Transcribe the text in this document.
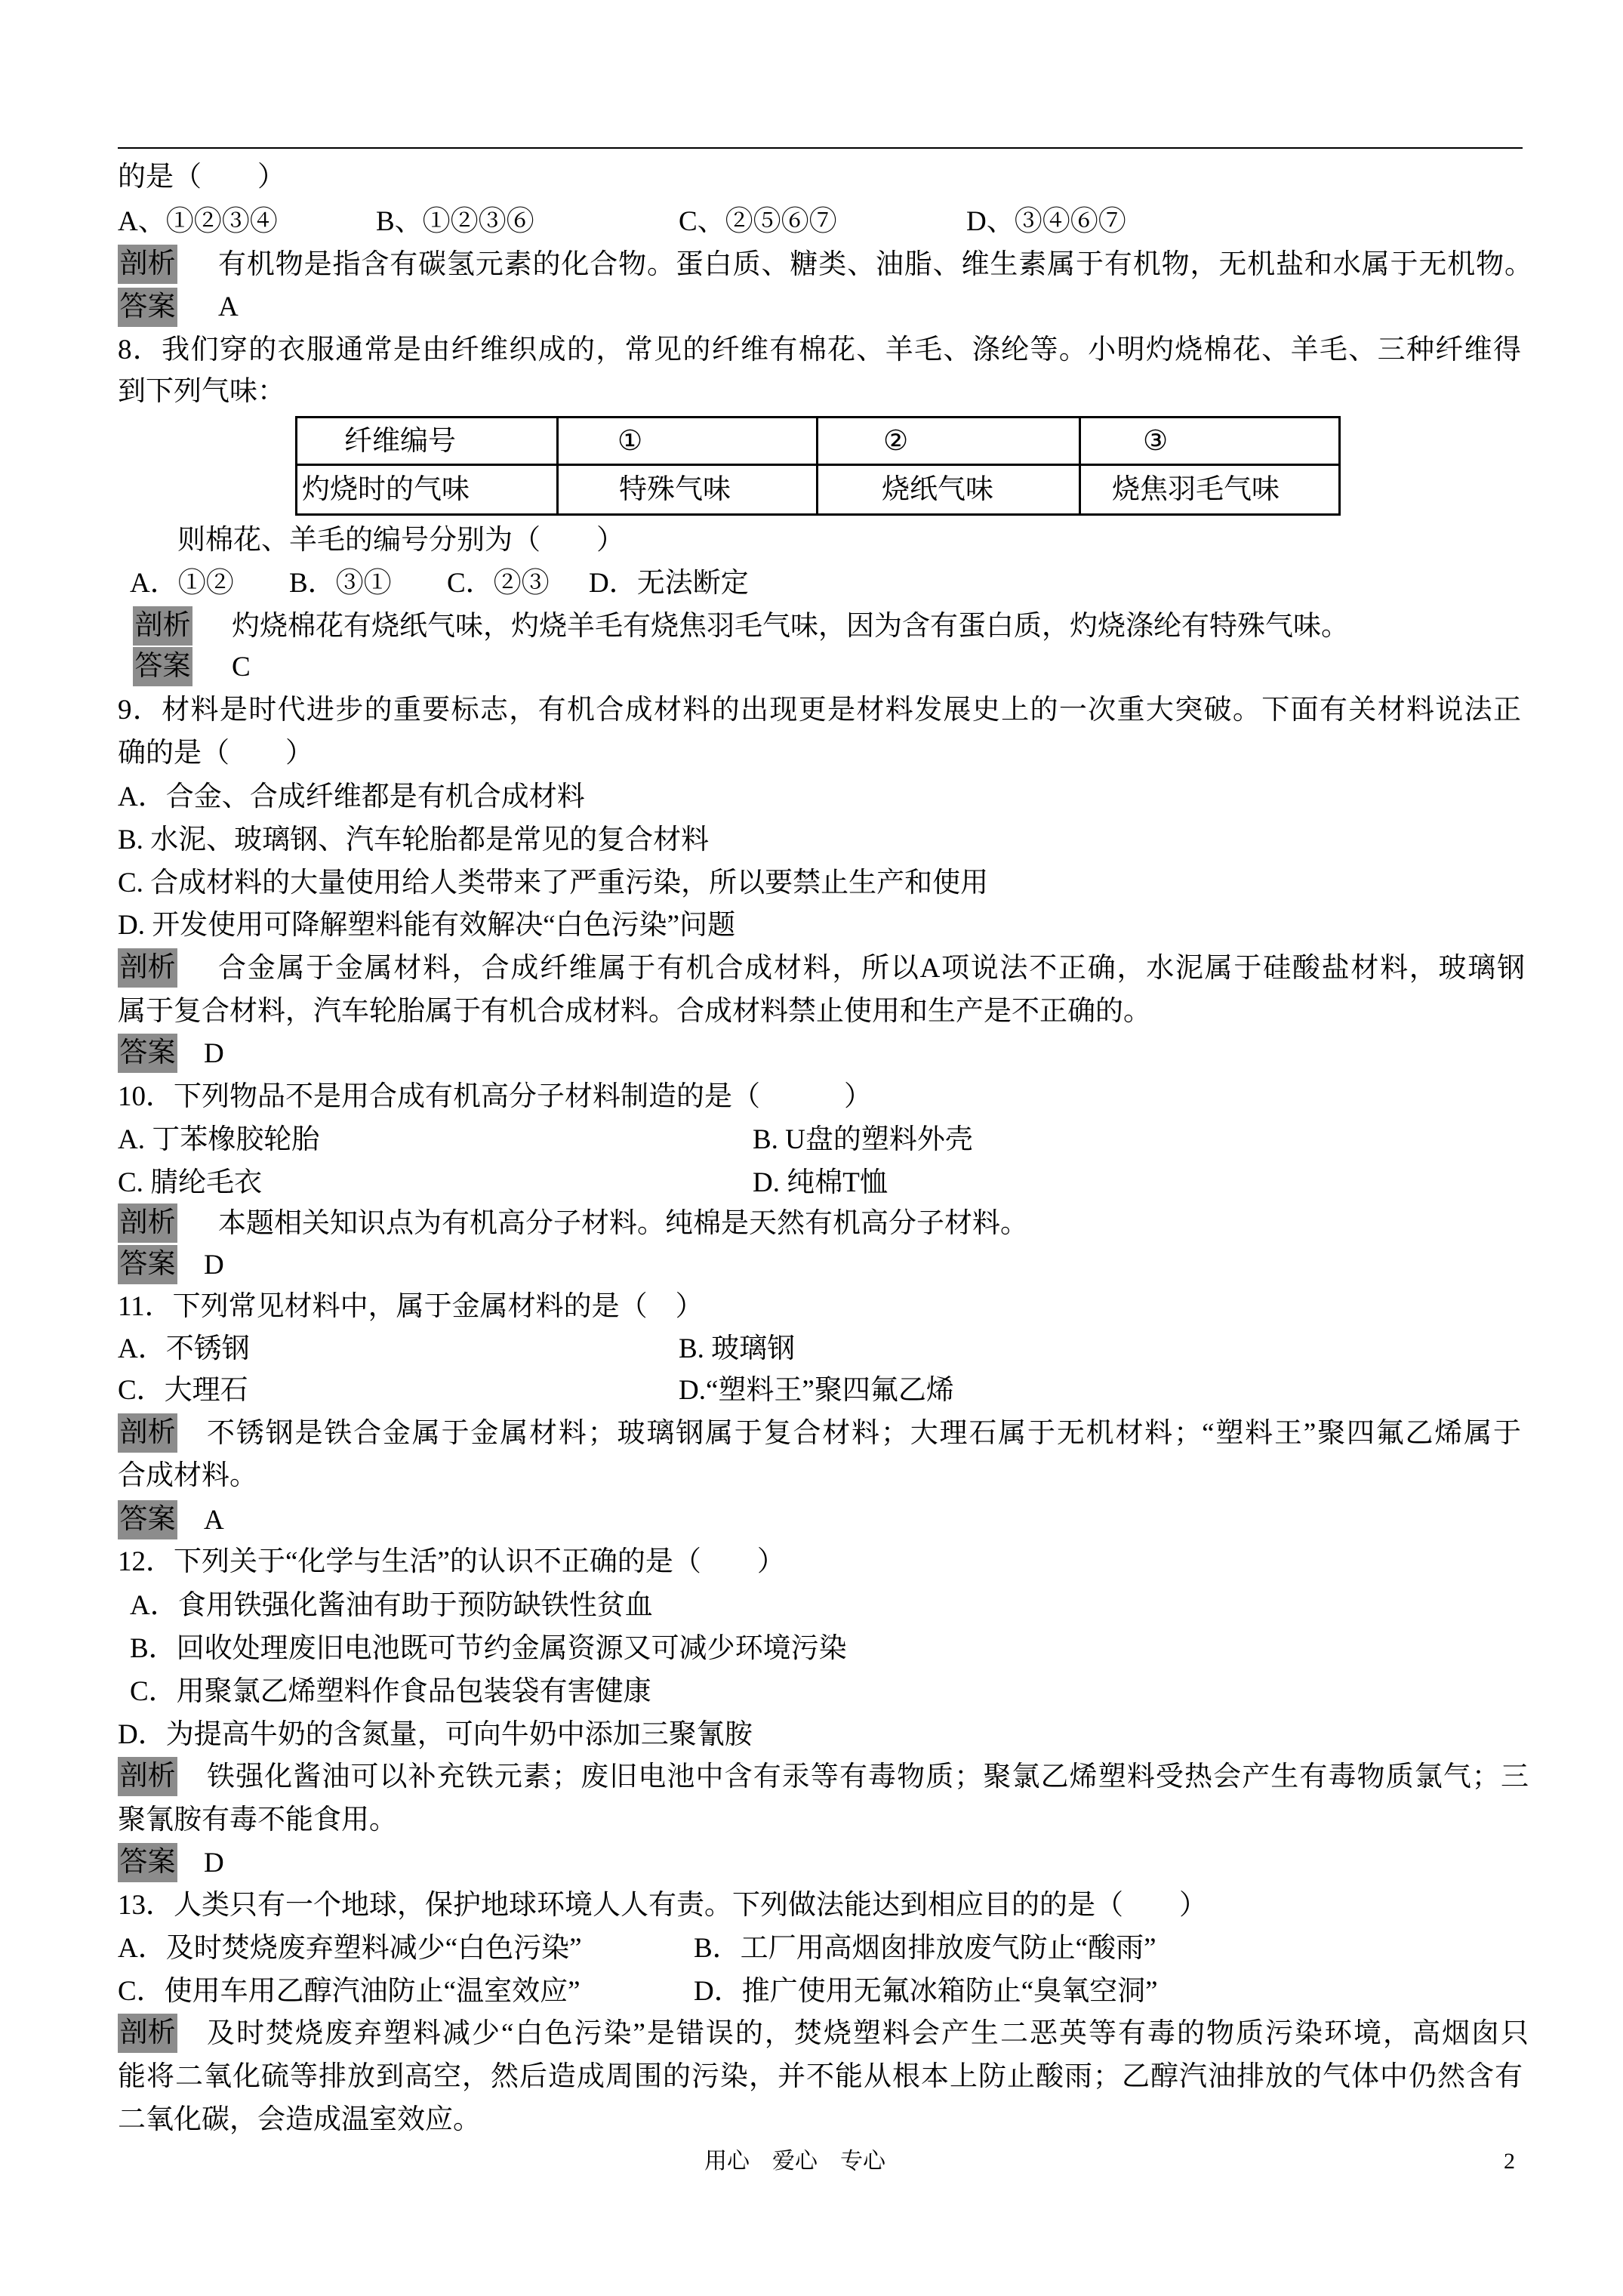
的是（　　）
A、①②③④	B、①②③⑥	C、②⑤⑥⑦	D、③④⑥⑦
剖析 有机物是指含有碳氢元素的化合物。蛋白质、糖类、油脂、维生素属于有机物，无机盐和水属于无机物。
答案 A
8．我们穿的衣服通常是由纤维织成的，常见的纤维有棉花、羊毛、涤纶等。小明灼烧棉花、羊毛、三种纤维得
到下列气味：
纤维编号	①	②	③
灼烧时的气味	特殊气味	烧纸气味	烧焦羽毛气味
则棉花、羊毛的编号分别为（　　）
A．①② B．③① C．②③ D．无法断定
剖析 灼烧棉花有烧纸气味，灼烧羊毛有烧焦羽毛气味，因为含有蛋白质，灼烧涤纶有特殊气味。
答案 C
9．材料是时代进步的重要标志，有机合成材料的出现更是材料发展史上的一次重大突破。下面有关材料说法正
确的是（　　）
A．合金、合成纤维都是有机合成材料
B. 水泥、玻璃钢、汽车轮胎都是常见的复合材料
C. 合成材料的大量使用给人类带来了严重污染，所以要禁止生产和使用
D. 开发使用可降解塑料能有效解决“白色污染”问题
剖析 合金属于金属材料，合成纤维属于有机合成材料，所以A项说法不正确，水泥属于硅酸盐材料，玻璃钢
属于复合材料，汽车轮胎属于有机合成材料。合成材料禁止使用和生产是不正确的。
答案 D
10．下列物品不是用合成有机高分子材料制造的是（　　　）
A. 丁苯橡胶轮胎	B. U盘的塑料外壳
C. 腈纶毛衣	D. 纯棉T恤
剖析 本题相关知识点为有机高分子材料。纯棉是天然有机高分子材料。
答案 D
11．下列常见材料中，属于金属材料的是（　）
A．不锈钢	B. 玻璃钢
C．大理石	D.“塑料王”聚四氟乙烯
剖析 不锈钢是铁合金属于金属材料；玻璃钢属于复合材料；大理石属于无机材料；“塑料王”聚四氟乙烯属于
合成材料。
答案 A
12．下列关于“化学与生活”的认识不正确的是（　　）
A．食用铁强化酱油有助于预防缺铁性贫血
B．回收处理废旧电池既可节约金属资源又可减少环境污染
C．用聚氯乙烯塑料作食品包装袋有害健康
D．为提高牛奶的含氮量，可向牛奶中添加三聚氰胺
剖析 铁强化酱油可以补充铁元素；废旧电池中含有汞等有毒物质；聚氯乙烯塑料受热会产生有毒物质氯气；三
聚氰胺有毒不能食用。
答案 D
13．人类只有一个地球，保护地球环境人人有责。下列做法能达到相应目的的是（　　）
A．及时焚烧废弃塑料减少“白色污染”	B．工厂用高烟囱排放废气防止“酸雨”
C．使用车用乙醇汽油防止“温室效应”	D．推广使用无氟冰箱防止“臭氧空洞”
剖析 及时焚烧废弃塑料减少“白色污染”是错误的，焚烧塑料会产生二恶英等有毒的物质污染环境，高烟囱只
能将二氧化硫等排放到高空，然后造成周围的污染，并不能从根本上防止酸雨；乙醇汽油排放的气体中仍然含有
二氧化碳，会造成温室效应。
用心　爱心　专心	2
